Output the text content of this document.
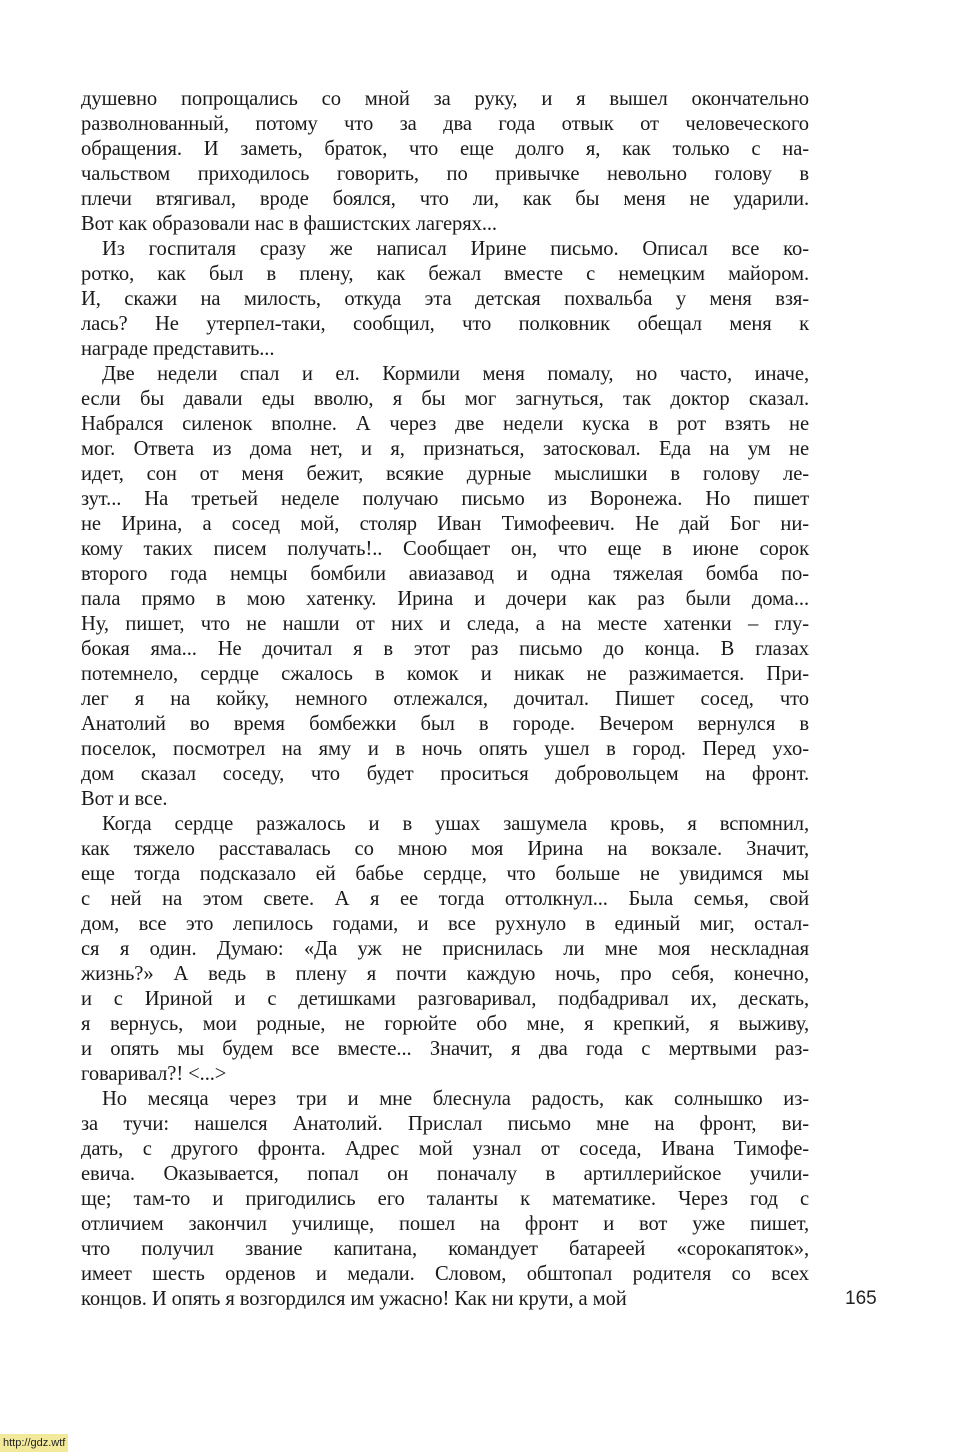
душевно попрощались со мной за руку, и я вышел окончательно
разволнованный, потому что за два года отвык от человеческого
обращения. И заметь, браток, что еще долго я, как только с на-
чальством приходилось говорить, по привычке невольно голову в
плечи втягивал, вроде боялся, что ли, как бы меня не ударили.
Вот как образовали нас в фашистских лагерях...
Из госпиталя сразу же написал Ирине письмо. Описал все ко-
ротко, как был в плену, как бежал вместе с немецким майором.
И, скажи на милость, откуда эта детская похвальба у меня взя-
лась? Не утерпел-таки, сообщил, что полковник обещал меня к
награде представить...
Две недели спал и ел. Кормили меня помалу, но часто, иначе,
если бы давали еды вволю, я бы мог загнуться, так доктор сказал.
Набрался силенок вполне. А через две недели куска в рот взять не
мог. Ответа из дома нет, и я, признаться, затосковал. Еда на ум не
идет, сон от меня бежит, всякие дурные мыслишки в голову ле-
зут... На третьей неделе получаю письмо из Воронежа. Но пишет
не Ирина, а сосед мой, столяр Иван Тимофеевич. Не дай Бог ни-
кому таких писем получать!.. Сообщает он, что еще в июне сорок
второго года немцы бомбили авиазавод и одна тяжелая бомба по-
пала прямо в мою хатенку. Ирина и дочери как раз были дома...
Ну, пишет, что не нашли от них и следа, а на месте хатенки – глу-
бокая яма... Не дочитал я в этот раз письмо до конца. В глазах
потемнело, сердце сжалось в комок и никак не разжимается. При-
лег я на койку, немного отлежался, дочитал. Пишет сосед, что
Анатолий во время бомбежки был в городе. Вечером вернулся в
поселок, посмотрел на яму и в ночь опять ушел в город. Перед ухо-
дом сказал соседу, что будет проситься добровольцем на фронт.
Вот и все.
Когда сердце разжалось и в ушах зашумела кровь, я вспомнил,
как тяжело расставалась со мною моя Ирина на вокзале. Значит,
еще тогда подсказало ей бабье сердце, что больше не увидимся мы
с ней на этом свете. А я ее тогда оттолкнул... Была семья, свой
дом, все это лепилось годами, и все рухнуло в единый миг, остал-
ся я один. Думаю: «Да уж не приснилась ли мне моя нескладная
жизнь?» А ведь в плену я почти каждую ночь, про себя, конечно,
и с Ириной и с детишками разговаривал, подбадривал их, дескать,
я вернусь, мои родные, не горюйте обо мне, я крепкий, я выживу,
и опять мы будем все вместе... Значит, я два года с мертвыми раз-
говаривал?! <...>
Но месяца через три и мне блеснула радость, как солнышко из-
за тучи: нашелся Анатолий. Прислал письмо мне на фронт, ви-
дать, с другого фронта. Адрес мой узнал от соседа, Ивана Тимофе-
евича. Оказывается, попал он поначалу в артиллерийское учили-
ще; там-то и пригодились его таланты к математике. Через год с
отличием закончил училище, пошел на фронт и вот уже пишет,
что получил звание капитана, командует батареей «сорокапяток»,
имеет шесть орденов и медали. Словом, обштопал родителя со всех
концов. И опять я возгордился им ужасно! Как ни крути, а мой	165
http://gdz.wtf
